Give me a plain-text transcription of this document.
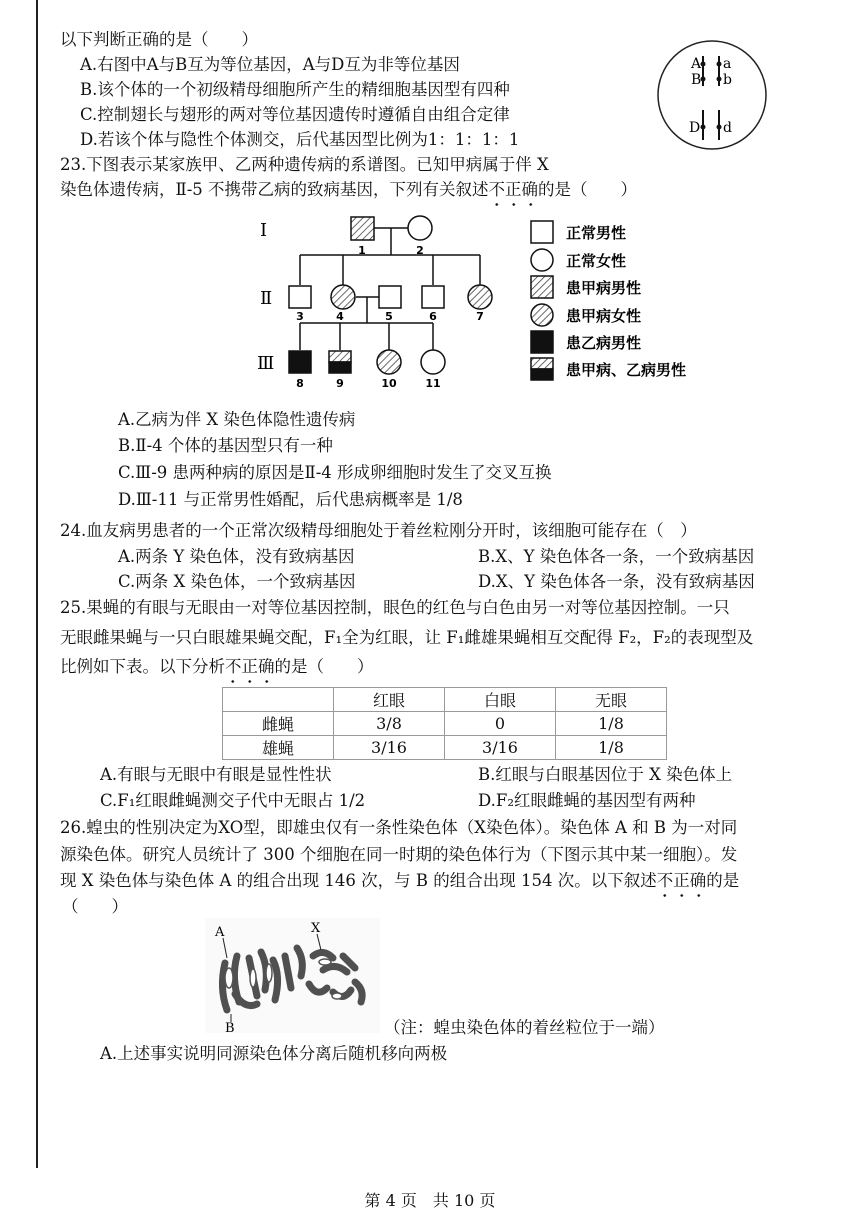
以下判断正确的是（　　）
A.右图中A与B互为等位基因，A与D互为非等位基因
B.该个体的一个初级精母细胞所产生的精细胞基因型有四种
C.控制翅长与翅形的两对等位基因遗传时遵循自由组合定律
D.若该个体与隐性个体测交，后代基因型比例为1：1：1：1
A a
B b
D d
23.下图表示某家族甲、乙两种遗传病的系谱图。已知甲病属于伴 X
染色体遗传病，Ⅱ-5 不携带乙病的致病基因，下列有关叙述不正确的是（　　）
Ⅰ
Ⅱ
Ⅲ
1	2
3	4	5	6	7
8	9	10	11
正常男性
正常女性
患甲病男性
患甲病女性
患乙病男性
患甲病、乙病男性
A.乙病为伴 X 染色体隐性遗传病
B.Ⅱ-4 个体的基因型只有一种
C.Ⅲ-9 患两种病的原因是Ⅱ-4 形成卵细胞时发生了交叉互换
D.Ⅲ-11 与正常男性婚配，后代患病概率是 1/8
24.血友病男患者的一个正常次级精母细胞处于着丝粒刚分开时，该细胞可能存在（　）
A.两条 Y 染色体，没有致病基因	B.X、Y 染色体各一条，一个致病基因
C.两条 X 染色体，一个致病基因	D.X、Y 染色体各一条，没有致病基因
25.果蝇的有眼与无眼由一对等位基因控制，眼色的红色与白色由另一对等位基因控制。一只
无眼雌果蝇与一只白眼雄果蝇交配，F₁全为红眼，让 F₁雌雄果蝇相互交配得 F₂，F₂的表现型及
比例如下表。以下分析不正确的是（　　）
	红眼	白眼	无眼
雌蝇	3/8	0	1/8
雄蝇	3/16	3/16	1/8
A.有眼与无眼中有眼是显性性状	B.红眼与白眼基因位于 X 染色体上
C.F₁红眼雌蝇测交子代中无眼占 1/2	D.F₂红眼雌蝇的基因型有两种
26.蝗虫的性别决定为XO型，即雄虫仅有一条性染色体（X染色体）。染色体 A 和 B 为一对同
源染色体。研究人员统计了 300 个细胞在同一时期的染色体行为（下图示其中某一细胞）。发
现 X 染色体与染色体 A 的组合出现 146 次，与 B 的组合出现 154 次。以下叙述不正确的是
（　　）
A	X
B	（注：蝗虫染色体的着丝粒位于一端）
A.上述事实说明同源染色体分离后随机移向两极
第 4 页　共 10 页
